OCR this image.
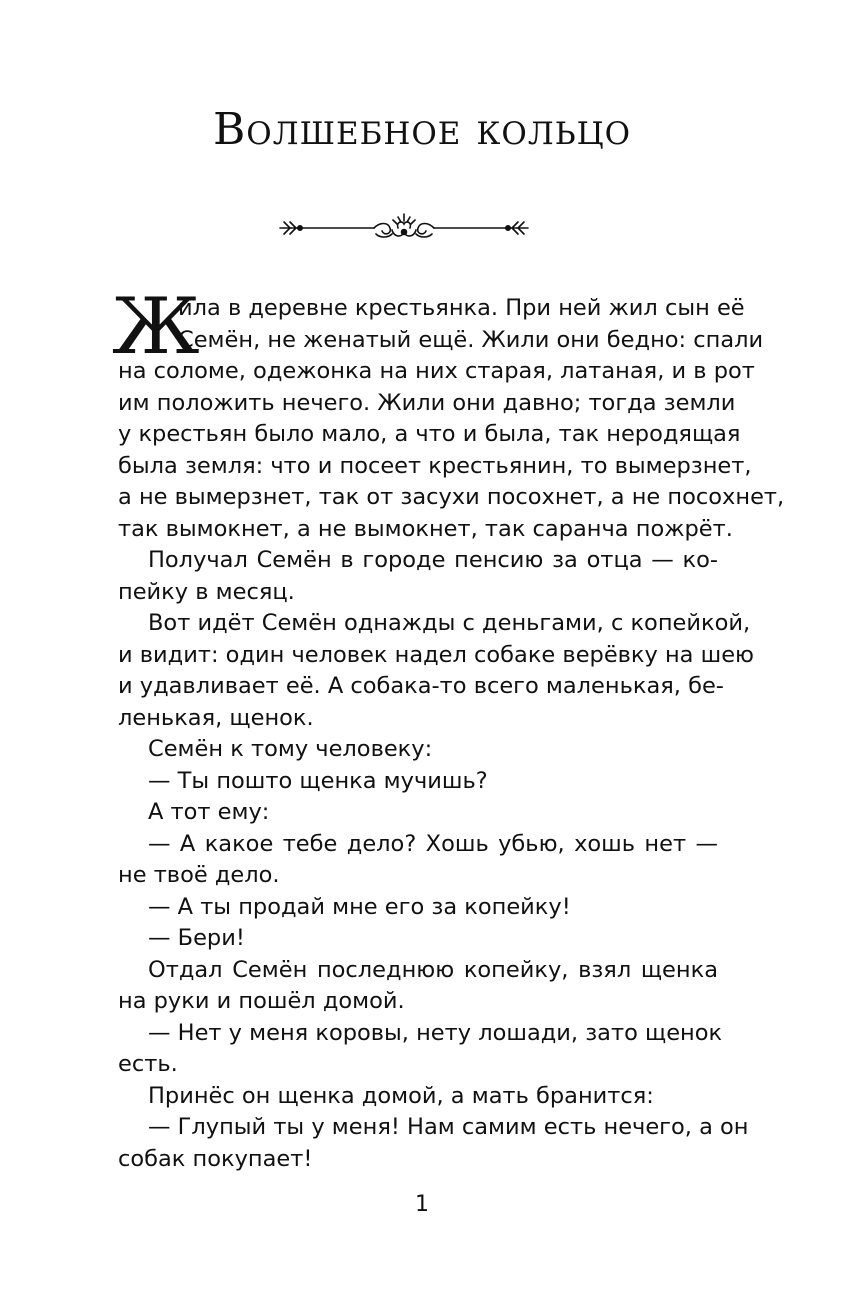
Волшебное кольцо
Ж
ила в деревне крестьянка. При ней жил сын её
Семён, не женатый ещё. Жили они бедно: спали
на соломе, одежонка на них старая, латаная, и в рот
им положить нечего. Жили они давно; тогда земли
у крестьян было мало, а что и была, так неродящая
была земля: что и посеет крестьянин, то вымерзнет,
а не вымерзнет, так от засухи посохнет, а не посохнет,
так вымокнет, а не вымокнет, так саранча пожрёт.
Получал Семён в городе пенсию за отца — ко-
пейку в месяц.
Вот идёт Семён однажды с деньгами, с копейкой,
и видит: один человек надел собаке верёвку на шею
и удавливает её. А собака-то всего маленькая, бе-
ленькая, щенок.
Семён к тому человеку:
— Ты пошто щенка мучишь?
А тот ему:
— А какое тебе дело? Хошь убью, хошь нет —
не твоё дело.
— А ты продай мне его за копейку!
— Бери!
Отдал Семён последнюю копейку, взял щенка
на руки и пошёл домой.
— Нет у меня коровы, нету лошади, зато щенок
есть.
Принёс он щенка домой, а мать бранится:
— Глупый ты у меня! Нам самим есть нечего, а он
собак покупает!
1
